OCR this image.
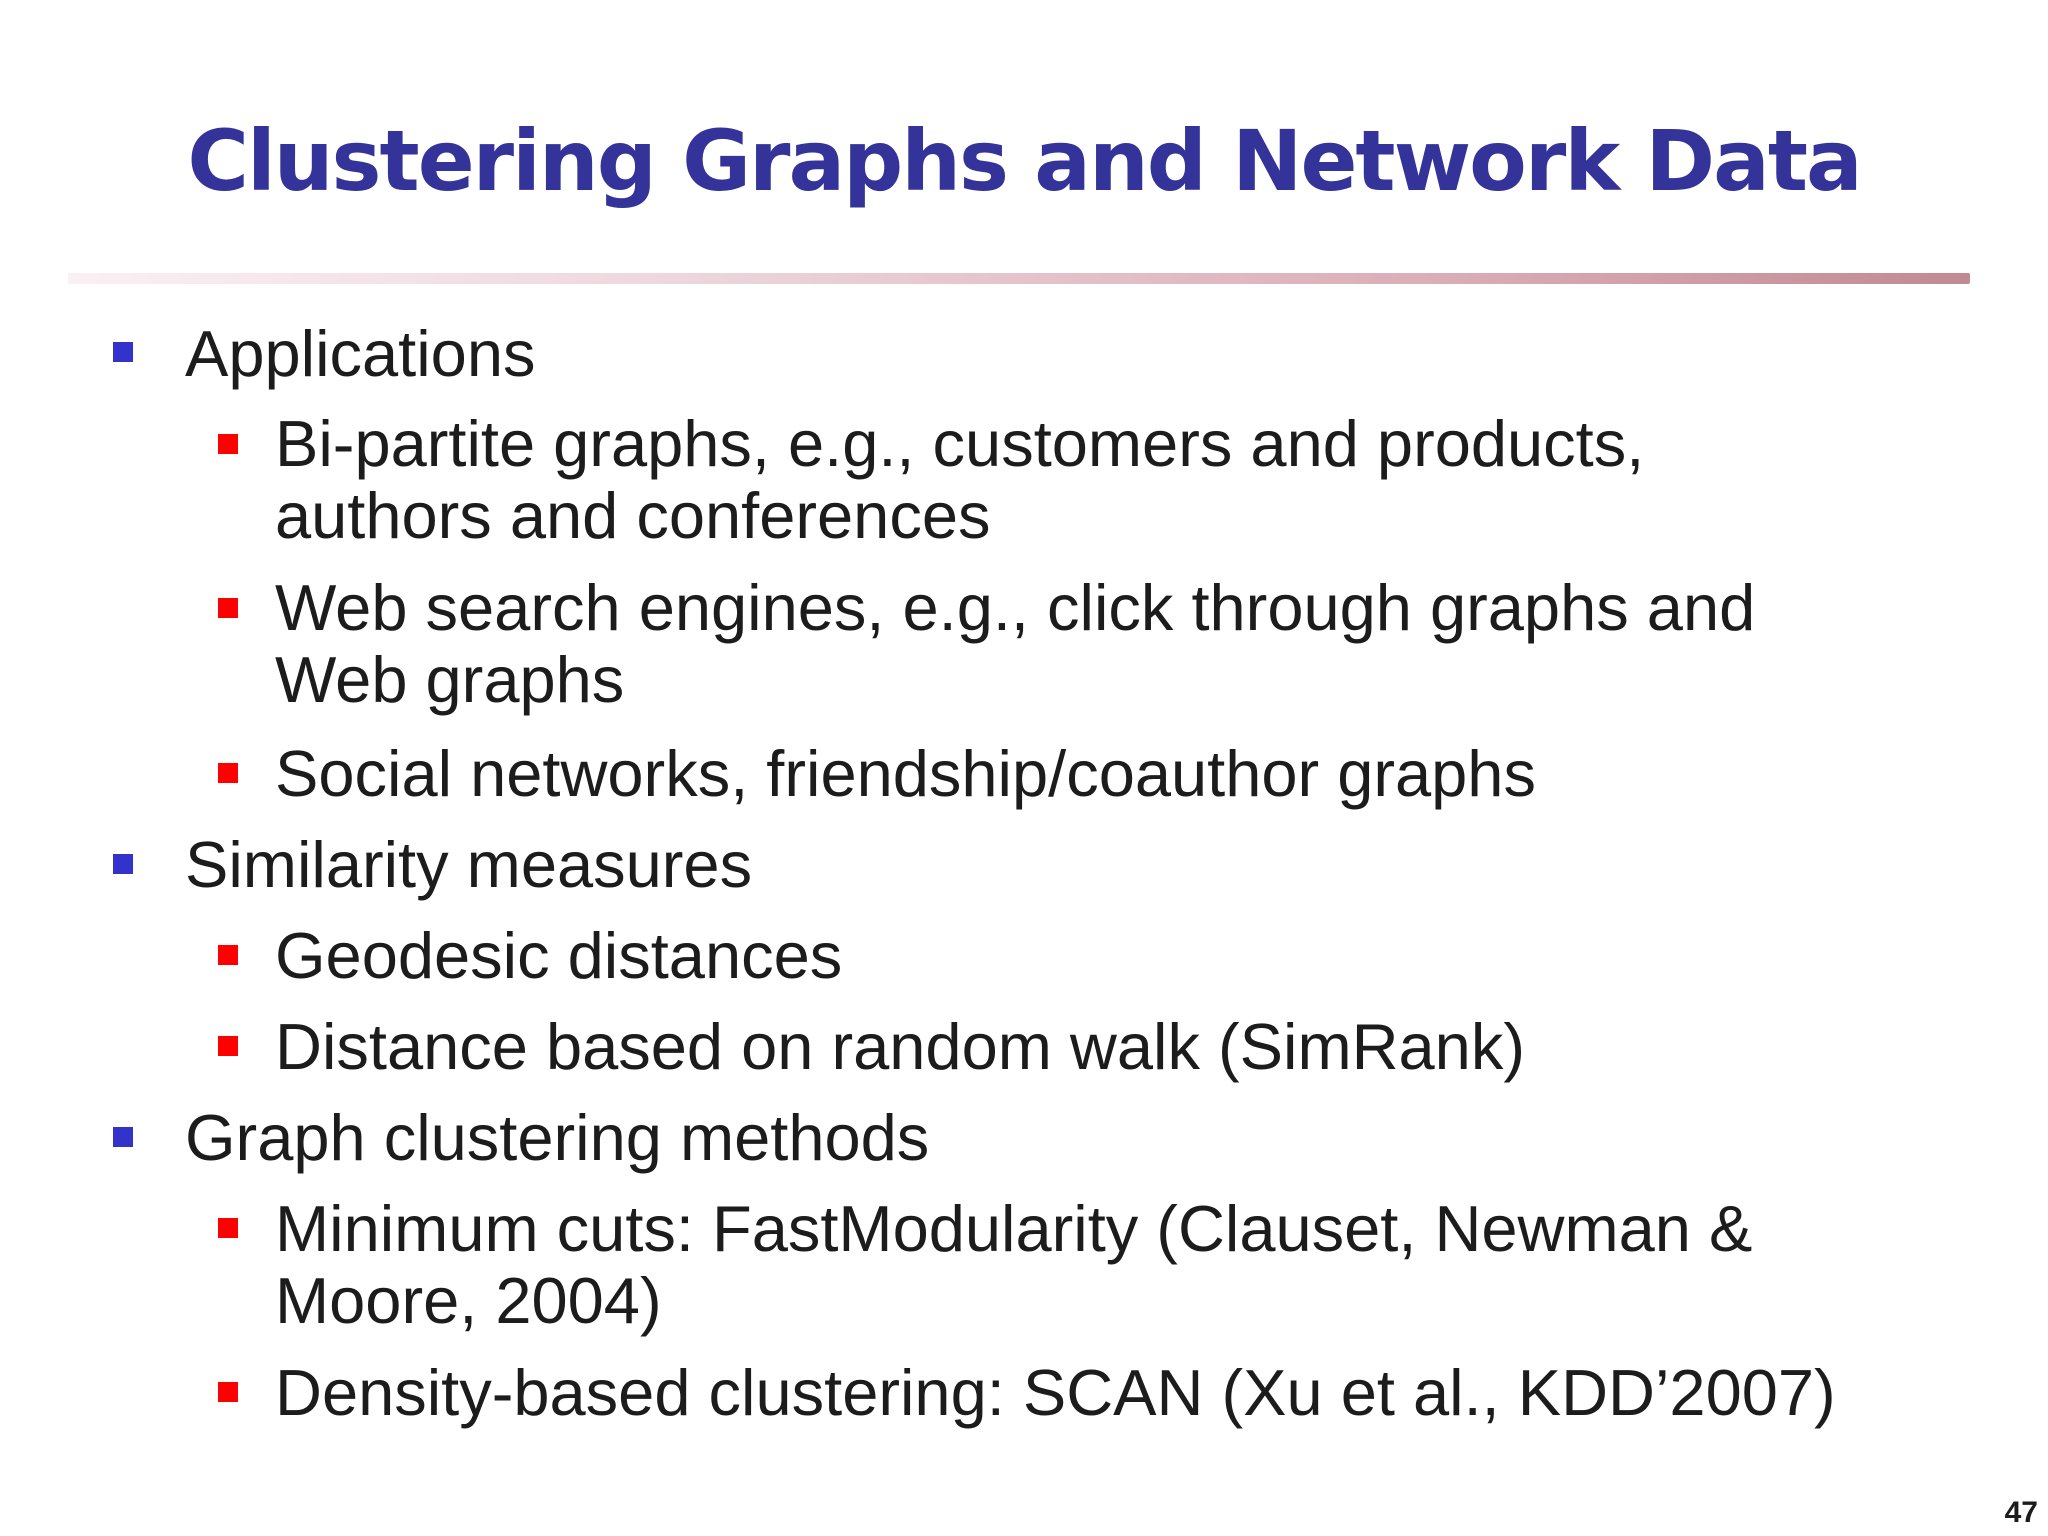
Clustering Graphs and Network Data
Applications
Bi-partite graphs, e.g., customers and products,
authors and conferences
Web search engines, e.g., click through graphs and
Web graphs
Social networks, friendship/coauthor graphs
Similarity measures
Geodesic distances
Distance based on random walk (SimRank)
Graph clustering methods
Minimum cuts: FastModularity (Clauset, Newman &
Moore, 2004)
Density-based clustering: SCAN (Xu et al., KDD’2007)
47
